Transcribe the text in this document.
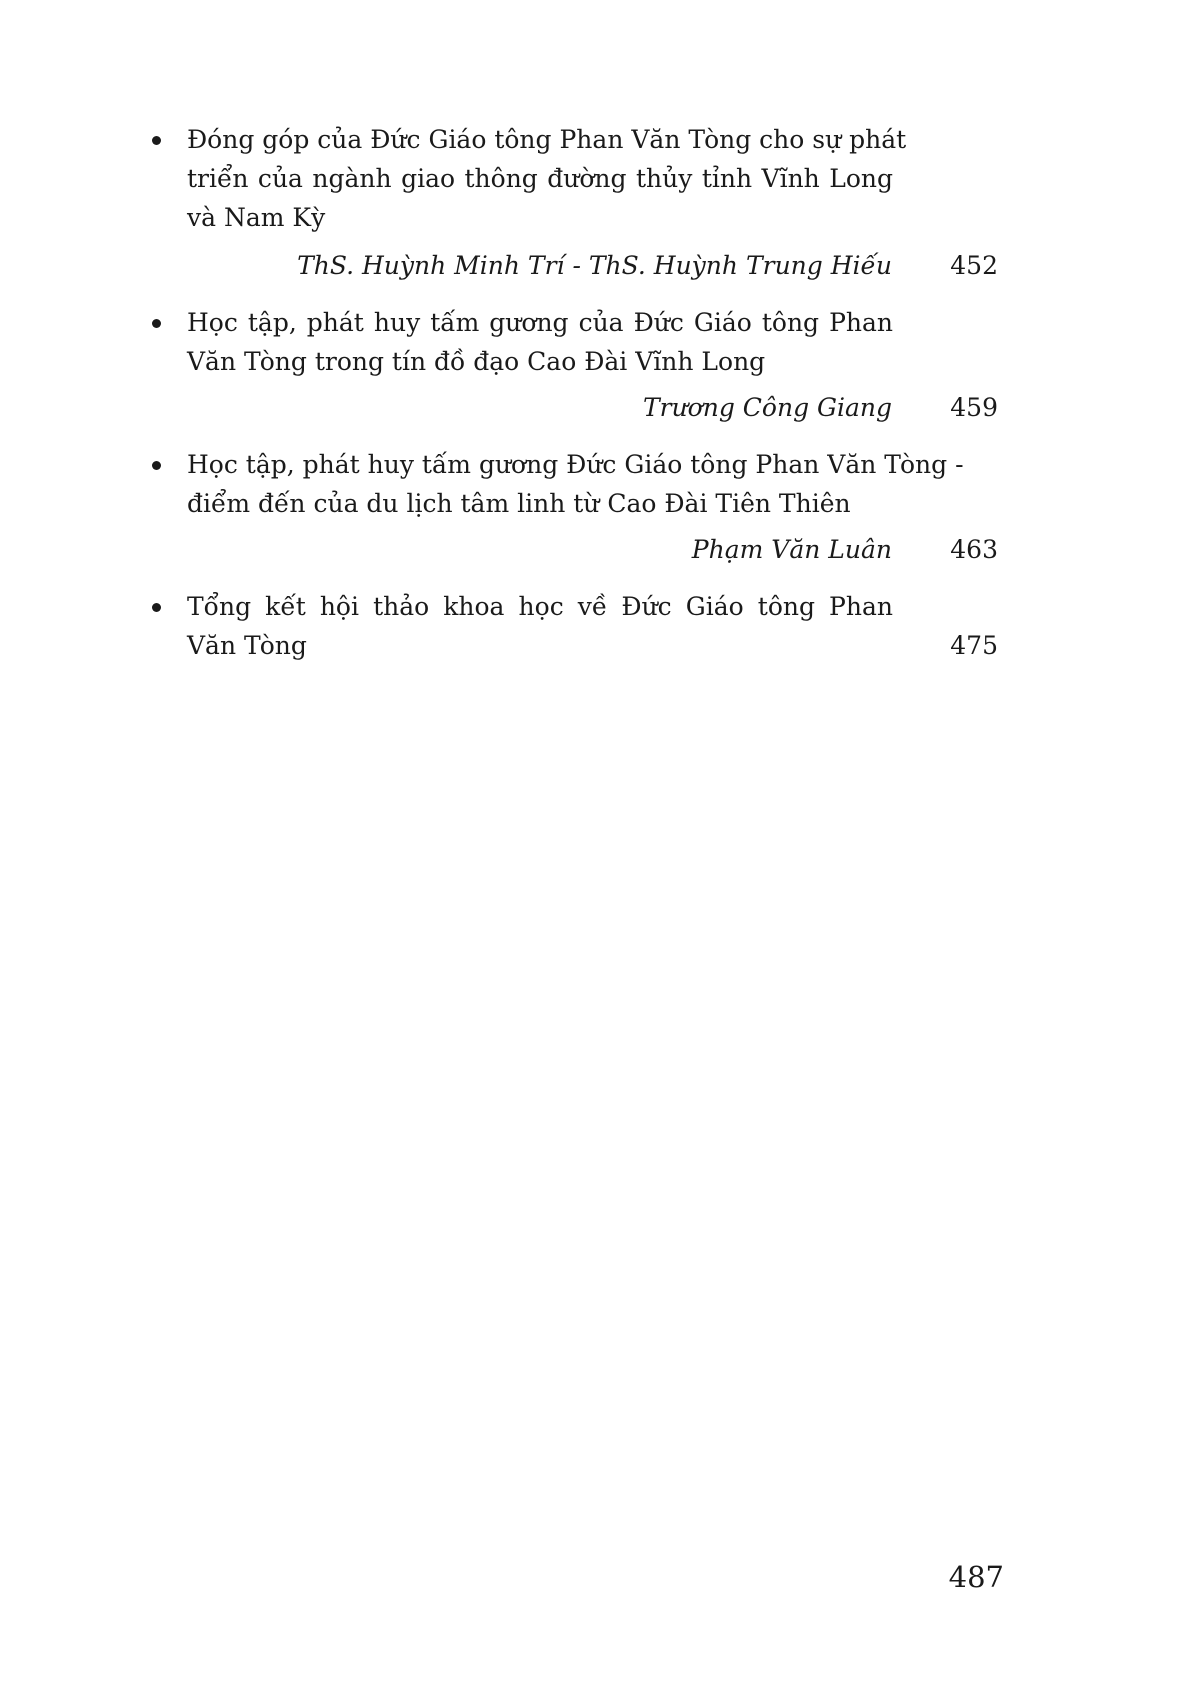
Đóng góp của Đức Giáo tông Phan Văn Tòng cho sự phát
triển của ngành giao thông đường thủy tỉnh Vĩnh Long
và Nam Kỳ
ThS. Huỳnh Minh Trí - ThS. Huỳnh Trung Hiếu 452
Học tập, phát huy tấm gương của Đức Giáo tông Phan
Văn Tòng trong tín đồ đạo Cao Đài Vĩnh Long
Trương Công Giang 459
Học tập, phát huy tấm gương Đức Giáo tông Phan Văn Tòng -
điểm đến của du lịch tâm linh từ Cao Đài Tiên Thiên
Phạm Văn Luân 463
Tổng kết hội thảo khoa học về Đức Giáo tông Phan
Văn Tòng	475
487
